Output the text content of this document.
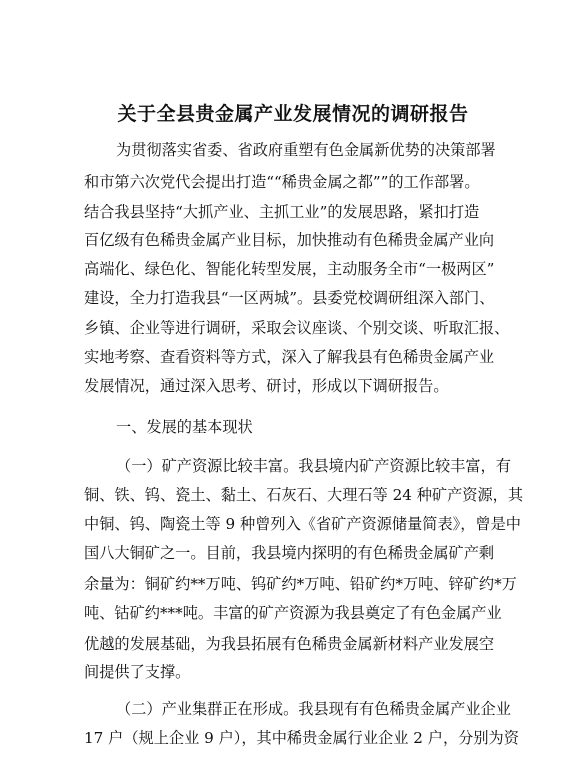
关于全县贵金属产业发展情况的调研报告
为贯彻落实省委、省政府重塑有色金属新优势的决策部署
和市第六次党代会提出打造““稀贵金属之都””的工作部署。
结合我县坚持“大抓产业、主抓工业”的发展思路，紧扣打造
百亿级有色稀贵金属产业目标，加快推动有色稀贵金属产业向
高端化、绿色化、智能化转型发展，主动服务全市“一极两区”
建设，全力打造我县“一区两城”。县委党校调研组深入部门、
乡镇、企业等进行调研，采取会议座谈、个别交谈、听取汇报、
实地考察、查看资料等方式，深入了解我县有色稀贵金属产业
发展情况，通过深入思考、研讨，形成以下调研报告。
一、发展的基本现状
（一）矿产资源比较丰富。我县境内矿产资源比较丰富，有
铜、铁、钨、瓷土、黏土、石灰石、大理石等 24 种矿产资源，其
中铜、钨、陶瓷土等 9 种曾列入《省矿产资源储量简表》，曾是中
国八大铜矿之一。目前，我县境内探明的有色稀贵金属矿产剩
余量为：铜矿约**万吨、钨矿约*万吨、铅矿约*万吨、锌矿约*万
吨、钴矿约***吨。丰富的矿产资源为我县奠定了有色金属产业
优越的发展基础，为我县拓展有色稀贵金属新材料产业发展空
间提供了支撑。
（二）产业集群正在形成。我县现有有色稀贵金属产业企业
17 户（规上企业 9 户），其中稀贵金属行业企业 2 户，分别为资
